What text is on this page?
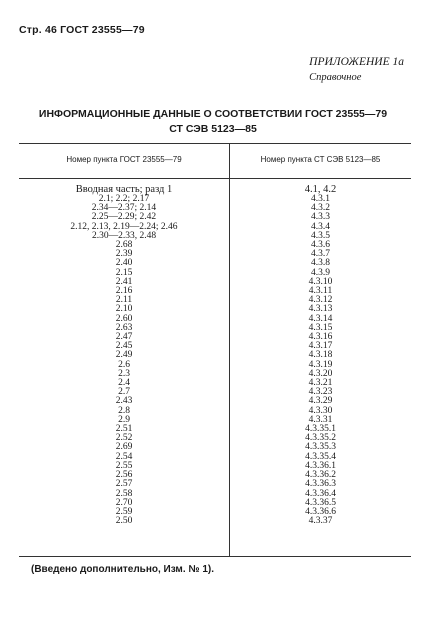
Стр. 46 ГОСТ 23555—79
ПРИЛОЖЕНИЕ 1а
Справочное
ИНФОРМАЦИОННЫЕ ДАННЫЕ О СООТВЕТСТВИИ ГОСТ 23555—79
СТ СЭВ 5123—85
Номер пункта ГОСТ 23555—79	Номер пункта СТ СЭВ 5123—85
Вводная часть; разд 1
2.1; 2.2; 2.17
2.34—2.37; 2.14
2.25—2.29; 2.42
2.12, 2.13, 2.19—2.24; 2.46
2.30—2.33, 2.48
2.68
2.39
2.40
2.15
2.41
2.16
2.11
2.10
2.60
2.63
2.47
2.45
2.49
2.6
2.3
2.4
2.7
2.43
2.8
2.9
2.51
2.52
2.69
2.54
2.55
2.56
2.57
2.58
2.70
2.59
2.50
4.1, 4.2
4.3.1
4.3.2
4.3.3
4.3.4
4.3.5
4.3.6
4.3.7
4.3.8
4.3.9
4.3.10
4.3.11
4.3.12
4.3.13
4.3.14
4.3.15
4.3.16
4.3.17
4.3.18
4.3.19
4.3.20
4.3.21
4.3.23
4.3.29
4.3.30
4.3.31
4.3.35.1
4.3.35.2
4.3.35.3
4.3.35.4
4.3.36.1
4.3.36.2
4.3.36.3
4.3.36.4
4.3.36.5
4.3.36.6
4.3.37
(Введено дополнительно, Изм. № 1).
